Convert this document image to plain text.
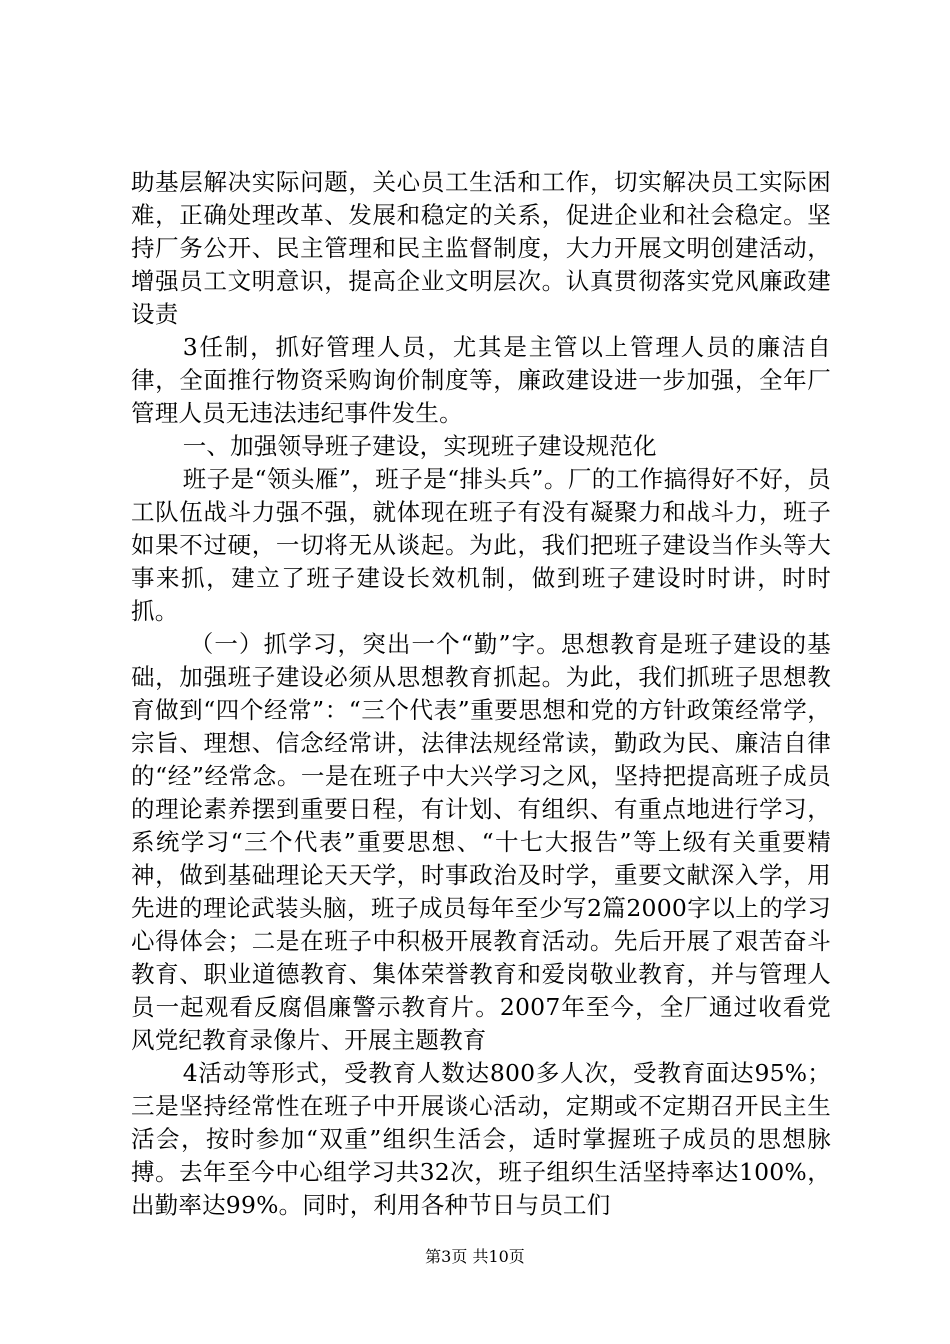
助基层解决实际问题，关心员工生活和工作，切实解决员工实际困难，正确处理改革、发展和稳定的关系，促进企业和社会稳定。坚持厂务公开、民主管理和民主监督制度，大力开展文明创建活动，增强员工文明意识，提高企业文明层次。认真贯彻落实党风廉政建设责

3任制，抓好管理人员，尤其是主管以上管理人员的廉洁自律，全面推行物资采购询价制度等，廉政建设进一步加强，全年厂管理人员无违法违纪事件发生。

一、加强领导班子建设，实现班子建设规范化

班子是“领头雁”，班子是“排头兵”。厂的工作搞得好不好，员工队伍战斗力强不强，就体现在班子有没有凝聚力和战斗力，班子如果不过硬，一切将无从谈起。为此，我们把班子建设当作头等大事来抓，建立了班子建设长效机制，做到班子建设时时讲，时时抓。

（一）抓学习，突出一个“勤”字。思想教育是班子建设的基础，加强班子建设必须从思想教育抓起。为此，我们抓班子思想教育做到“四个经常”：“三个代表”重要思想和党的方针政策经常学，宗旨、理想、信念经常讲，法律法规经常读，勤政为民、廉洁自律的“经”经常念。一是在班子中大兴学习之风，坚持把提高班子成员的理论素养摆到重要日程，有计划、有组织、有重点地进行学习，系统学习“三个代表”重要思想、“十七大报告”等上级有关重要精神，做到基础理论天天学，时事政治及时学，重要文献深入学，用先进的理论武装头脑，班子成员每年至少写2篇2000字以上的学习心得体会；二是在班子中积极开展教育活动。先后开展了艰苦奋斗教育、职业道德教育、集体荣誉教育和爱岗敬业教育，并与管理人员一起观看反腐倡廉警示教育片。2007年至今，全厂通过收看党风党纪教育录像片、开展主题教育

4活动等形式，受教育人数达800多人次，受教育面达95%；三是坚持经常性在班子中开展谈心活动，定期或不定期召开民主生活会，按时参加“双重”组织生活会，适时掌握班子成员的思想脉搏。去年至今中心组学习共32次，班子组织生活坚持率达100%，出勤率达99%。同时，利用各种节日与员工们

第3页 共10页
